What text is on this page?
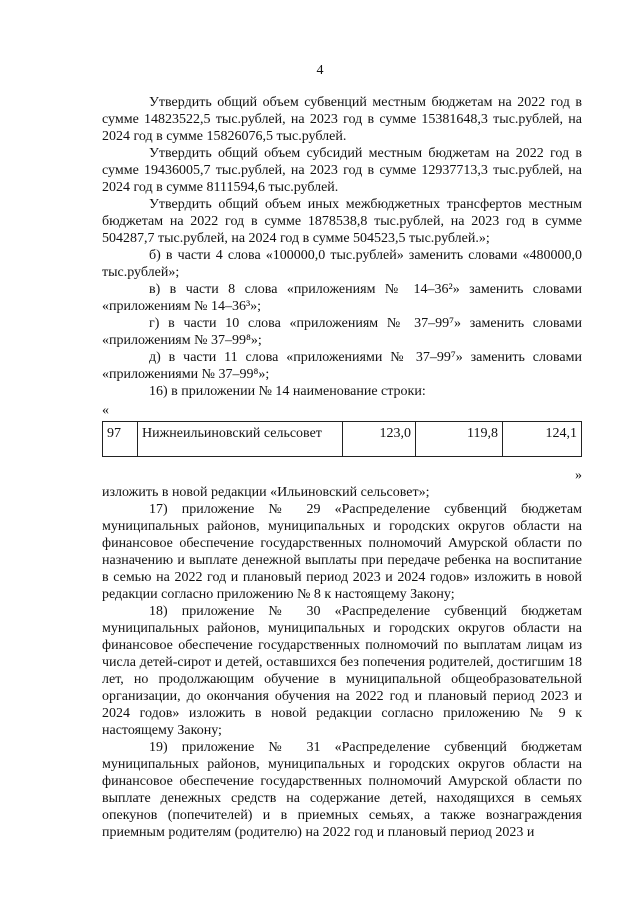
4

Утвердить общий объем субвенций местным бюджетам на 2022 год в сумме 14823522,5 тыс.рублей, на 2023 год в сумме 15381648,3 тыс.рублей, на 2024 год в сумме 15826076,5 тыс.рублей.

Утвердить общий объем субсидий местным бюджетам на 2022 год в сумме 19436005,7 тыс.рублей, на 2023 год в сумме 12937713,3 тыс.рублей, на 2024 год в сумме 8111594,6 тыс.рублей.

Утвердить общий объем иных межбюджетных трансфертов местным бюджетам на 2022 год в сумме 1878538,8 тыс.рублей, на 2023 год в сумме 504287,7 тыс.рублей, на 2024 год в сумме 504523,5 тыс.рублей.»;

б) в части 4 слова «100000,0 тыс.рублей» заменить словами «480000,0 тыс.рублей»;

в) в части 8 слова «приложениям № 14–36²» заменить словами «приложениям № 14–36³»;

г) в части 10 слова «приложениям № 37–99⁷» заменить словами «приложениям № 37–99⁸»;

д) в части 11 слова «приложениями № 37–99⁷» заменить словами «приложениями № 37–99⁸»;

16) в приложении № 14 наименование строки:

«
97	Нижнеильиновский сельсовет	123,0	119,8	124,1
»

изложить в новой редакции «Ильиновский сельсовет»;

17) приложение № 29 «Распределение субвенций бюджетам муниципальных районов, муниципальных и городских округов области на финансовое обеспечение государственных полномочий Амурской области по назначению и выплате денежной выплаты при передаче ребенка на воспитание в семью на 2022 год и плановый период 2023 и 2024 годов» изложить в новой редакции согласно приложению № 8 к настоящему Закону;

18) приложение № 30 «Распределение субвенций бюджетам муниципальных районов, муниципальных и городских округов области на финансовое обеспечение государственных полномочий по выплатам лицам из числа детей-сирот и детей, оставшихся без попечения родителей, достигшим 18 лет, но продолжающим обучение в муниципальной общеобразовательной организации, до окончания обучения на 2022 год и плановый период 2023 и 2024 годов» изложить в новой редакции согласно приложению № 9 к настоящему Закону;

19) приложение № 31 «Распределение субвенций бюджетам муниципальных районов, муниципальных и городских округов области на финансовое обеспечение государственных полномочий Амурской области по выплате денежных средств на содержание детей, находящихся в семьях опекунов (попечителей) и в приемных семьях, а также вознаграждения приемным родителям (родителю) на 2022 год и плановый период 2023 и
